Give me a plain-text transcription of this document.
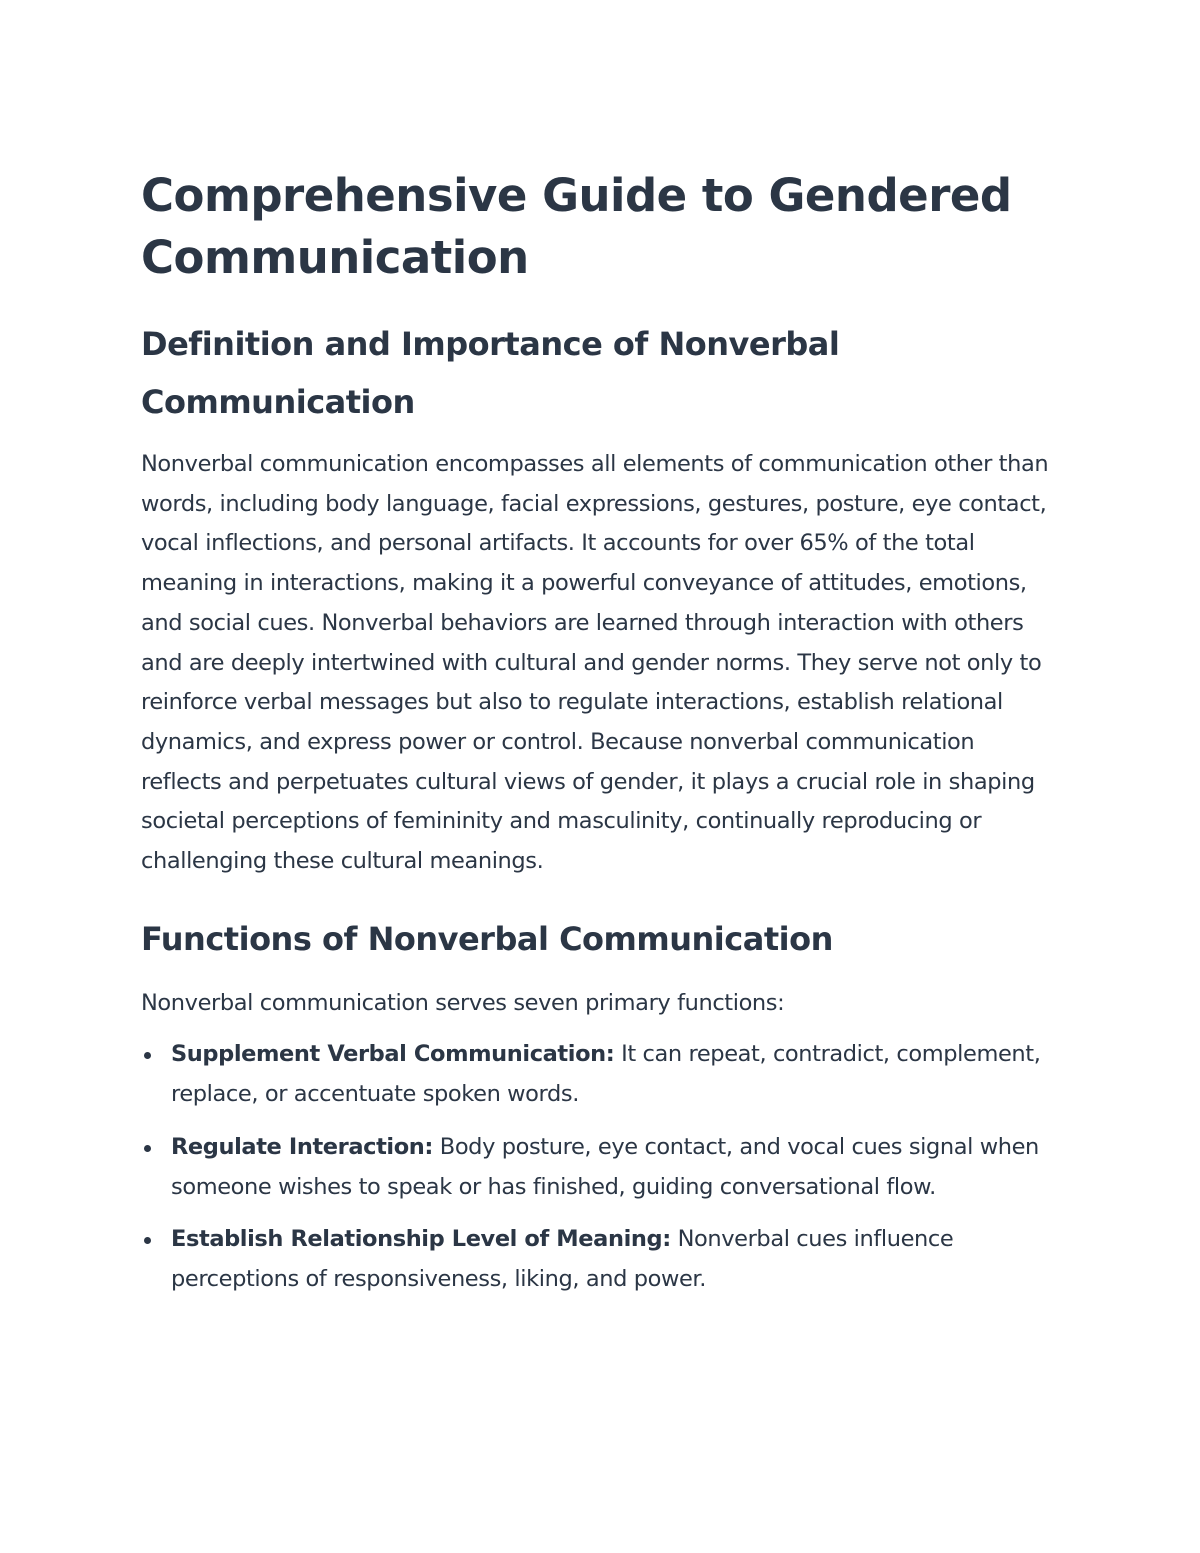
Comprehensive Guide to Gendered Communication
Definition and Importance of Nonverbal Communication

Nonverbal communication encompasses all elements of communication other than words, including body language, facial expressions, gestures, posture, eye contact, vocal inflections, and personal artifacts. It accounts for over 65% of the total meaning in interactions, making it a powerful conveyance of attitudes, emotions, and social cues. Nonverbal behaviors are learned through interaction with others and are deeply intertwined with cultural and gender norms. They serve not only to reinforce verbal messages but also to regulate interactions, establish relational dynamics, and express power or control. Because nonverbal communication reflects and perpetuates cultural views of gender, it plays a crucial role in shaping societal perceptions of femininity and masculinity, continually reproducing or challenging these cultural meanings.

Functions of Nonverbal Communication

Nonverbal communication serves seven primary functions:

Supplement Verbal Communication: It can repeat, contradict, complement, replace, or accentuate spoken words.
Regulate Interaction: Body posture, eye contact, and vocal cues signal when someone wishes to speak or has finished, guiding conversational flow.
Establish Relationship Level of Meaning: Nonverbal cues influence perceptions of responsiveness, liking, and power.
